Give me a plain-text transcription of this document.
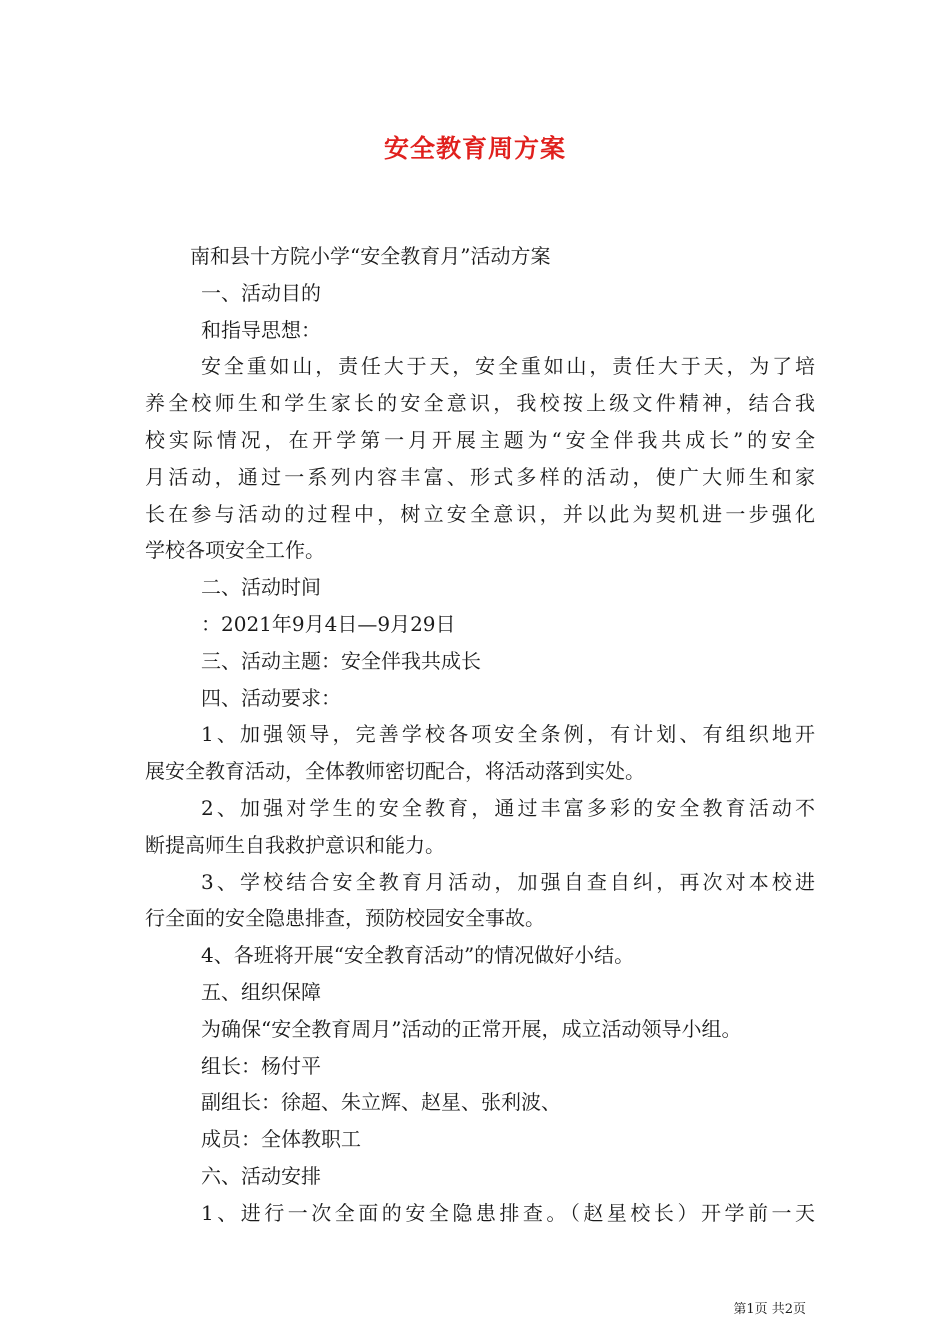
安全教育周方案
南和县十方院小学“安全教育月”活动方案
一、活动目的
和指导思想：
安全重如山，责任大于天，安全重如山，责任大于天，为了培
养全校师生和学生家长的安全意识，我校按上级文件精神，结合我
校实际情况，在开学第一月开展主题为“安全伴我共成长”的安全
月活动，通过一系列内容丰富、形式多样的活动，使广大师生和家
长在参与活动的过程中，树立安全意识，并以此为契机进一步强化
学校各项安全工作。
二、活动时间
：2021年9月4日—9月29日
三、活动主题：安全伴我共成长
四、活动要求：
1、加强领导，完善学校各项安全条例，有计划、有组织地开
展安全教育活动，全体教师密切配合，将活动落到实处。
2、加强对学生的安全教育，通过丰富多彩的安全教育活动不
断提高师生自我救护意识和能力。
3、学校结合安全教育月活动，加强自查自纠，再次对本校进
行全面的安全隐患排查，预防校园安全事故。
4、各班将开展“安全教育活动”的情况做好小结。
五、组织保障
为确保“安全教育周月”活动的正常开展，成立活动领导小组。
组长：杨付平
副组长：徐超、朱立辉、赵星、张利波、
成员：全体教职工
六、活动安排
1、进行一次全面的安全隐患排查。（赵星校长）开学前一天
第1页 共2页
